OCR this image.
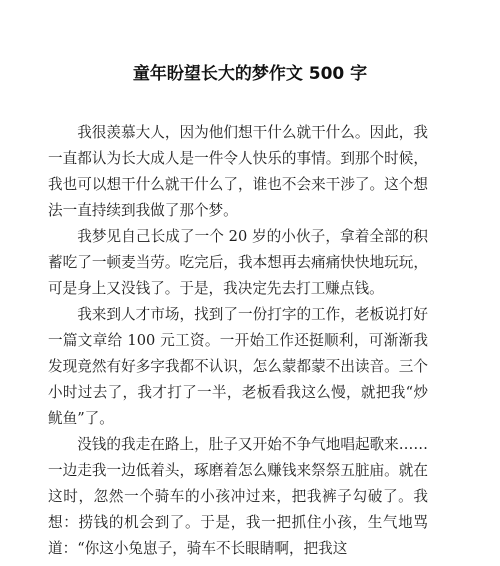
童年盼望长大的梦作文 500 字

我很羡慕大人，因为他们想干什么就干什么。因此，我一直都认为长大成人是一件令人快乐的事情。到那个时候，我也可以想干什么就干什么了，谁也不会来干涉了。这个想法一直持续到我做了那个梦。

我梦见自己长成了一个 20 岁的小伙子，拿着全部的积蓄吃了一顿麦当劳。吃完后，我本想再去痛痛快快地玩玩，可是身上又没钱了。于是，我决定先去打工赚点钱。

我来到人才市场，找到了一份打字的工作，老板说打好一篇文章给 100 元工资。一开始工作还挺顺利，可渐渐我发现竟然有好多字我都不认识，怎么蒙都蒙不出读音。三个小时过去了，我才打了一半，老板看我这么慢，就把我“炒鱿鱼”了。

没钱的我走在路上，肚子又开始不争气地唱起歌来……一边走我一边低着头，琢磨着怎么赚钱来祭祭五脏庙。就在这时，忽然一个骑车的小孩冲过来，把我裤子勾破了。我想：捞钱的机会到了。于是，我一把抓住小孩，生气地骂道：“你这小兔崽子，骑车不长眼睛啊，把我这
